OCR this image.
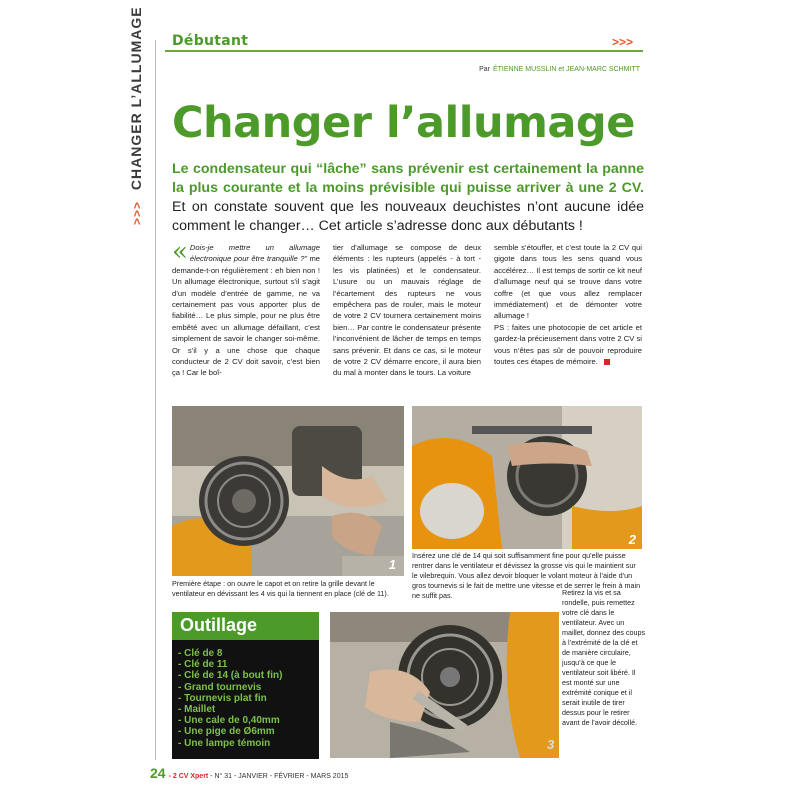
Débutant	>>>
>>> CHANGER L’ALLUMAGE	Par ÉTIENNE MUSSLIN et JEAN-MARC SCHMITT
Changer l’allumage
Le condensateur qui “lâche” sans prévenir est certainement la panne la plus courante et la moins prévisible qui puisse arriver à une 2 CV. Et on constate souvent que les nouveaux deuchistes n’ont aucune idée comment le changer… Cet article s’adresse donc aux débutants !
« Dois-je mettre un allumage électronique pour être tranquille ?” me demande-t-on régulièrement : eh bien non ! Un allumage électronique, surtout s’il s’agit d’un modèle d’entrée de gamme, ne va certainement pas vous apporter plus de fiabilité… Le plus simple, pour ne plus être embêté avec un allumage défaillant, c’est simplement de savoir le changer soi-même. Or s’il y a une chose que chaque conducteur de 2 CV doit savoir, c’est bien ça ! Car le boî-
tier d’allumage se compose de deux éléments : les rupteurs (appelés - à tort - les vis platinées) et le condensateur. L’usure ou un mauvais réglage de l’écartement des rupteurs ne vous empêchera pas de rouler, mais le moteur de votre 2 CV tournera certainement moins bien… Par contre le condensateur présente l’inconvénient de lâcher de temps en temps sans prévenir. Et dans ce cas, si le moteur de votre 2 CV démarre encore, il aura bien du mal à monter dans le tours. La voiture
semble s’étouffer, et c’est toute la 2 CV qui gigote dans tous les sens quand vous accélérez… Il est temps de sortir ce kit neuf d’allumage neuf qui se trouve dans votre coffre (et que vous allez remplacer immédiatement) et de démonter votre allumage !
PS : faites une photocopie de cet article et gardez-la précieusement dans votre 2 CV si vous n’êtes pas sûr de pouvoir reproduire toutes ces étapes de mémoire.
1
Première étape : on ouvre le capot et on retire la grille devant le ventilateur en dévissant les 4 vis qui la tiennent en place (clé de 11).
2
Insérez une clé de 14 qui soit suffisamment fine pour qu’elle puisse rentrer dans le ventilateur et dévissez la grosse vis qui le maintient sur le vilebrequin. Vous allez devoir bloquer le volant moteur à l’aide d’un gros tournevis si le fait de mettre une vitesse et de serrer le frein à main ne suffit pas.
Outillage
- Clé de 8
- Clé de 11
- Clé de 14 (à bout fin)
- Grand tournevis
- Tournevis plat fin
- Maillet
- Une cale de 0,40mm
- Une pige de Ø6mm
- Une lampe témoin	3
Retirez la vis et sa rondelle, puis remettez votre clé dans le ventilateur. Avec un maillet, donnez des coups à l’extrémité de la clé et de manière circulaire, jusqu’à ce que le ventilateur soit libéré. Il est monté sur une extrémité conique et il serait inutile de tirer dessus pour le retirer avant de l’avoir décollé.
24 - 2 CV Xpert - N° 31 - JANVIER - FÉVRIER - MARS 2015
